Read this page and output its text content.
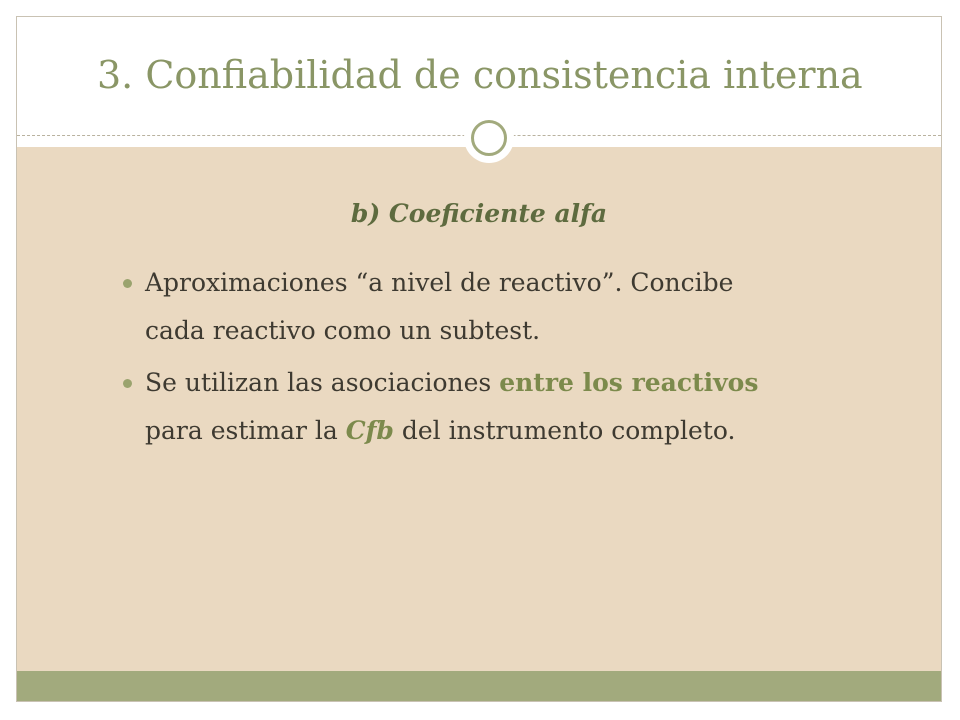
3. Confiabilidad de consistencia interna
b) Coeficiente alfa
Aproximaciones “a nivel de reactivo”. Concibe cada reactivo como un subtest.
Se utilizan las asociaciones entre los reactivos para estimar la Cfb del instrumento completo.
